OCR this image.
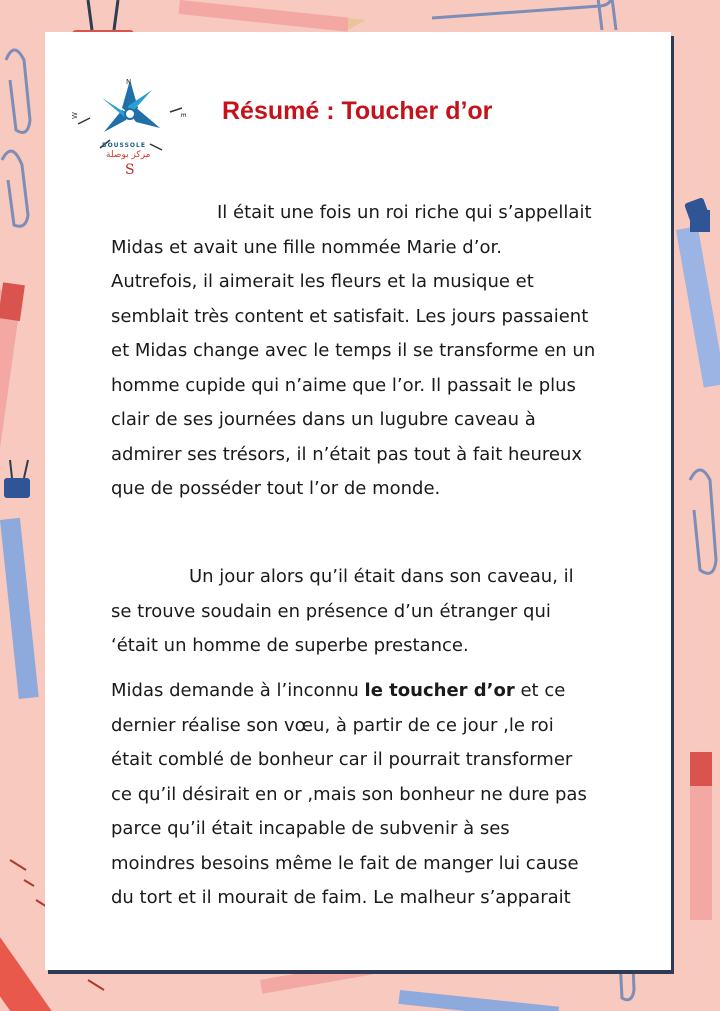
N
W	E
BOUSSOLE
مركز بوصلة
S
Résumé : Toucher d’or
Il était une fois un roi riche qui s’appellait
Midas et avait une fille nommée Marie d’or.
Autrefois, il aimerait les fleurs et la musique et
semblait très content et satisfait. Les jours passaient
et Midas change avec le temps il se transforme en un
homme cupide qui n’aime que l’or. Il passait le plus
clair de ses journées dans un lugubre caveau à
admirer ses trésors, il n’était pas tout à fait heureux
que de posséder tout l’or de monde.
Un jour alors qu’il était dans son caveau, il
se trouve soudain en présence d’un étranger qui
‘était un homme de superbe prestance.
Midas demande à l’inconnu le toucher d’or et ce
dernier réalise son vœu, à partir de ce jour ,le roi
était comblé de bonheur car il pourrait transformer
ce qu’il désirait en or ,mais son bonheur ne dure pas
parce qu’il était incapable de subvenir à ses
moindres besoins même le fait de manger lui cause
du tort et il mourait de faim. Le malheur s’apparait
